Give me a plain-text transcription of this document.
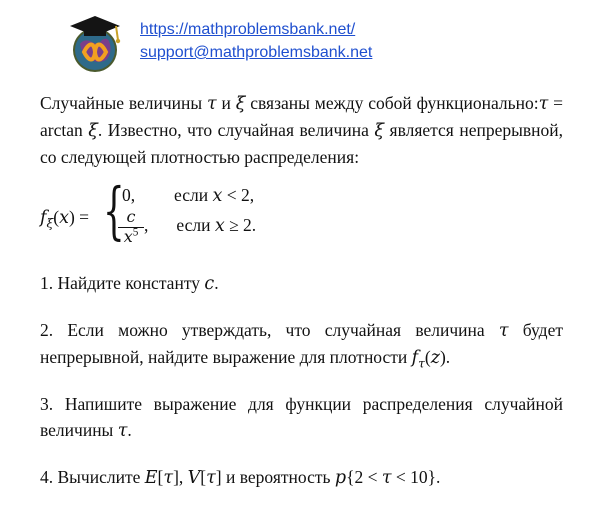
https://mathproblemsbank.net/
support@mathproblemsbank.net

Случайные величины τ и ξ связаны между собой функционально:τ = arctan ξ. Известно, что случайная величина ξ является непрерывной, со следующей плотностью распределения:

$f_\xi(x)$ = {
0, если x < 2,
$\frac{c}{x^5}$ , если x ≥ 2.

1. Найдите константу c.

2. Если можно утверждать, что случайная величина τ будет непрерывной, найдите выражение для плотности $f_\tau(z)$.

3. Напишите выражение для функции распределения случайной величины τ.

4. Вычислите E[τ], V[τ] и вероятность p{2 < τ < 10}.
